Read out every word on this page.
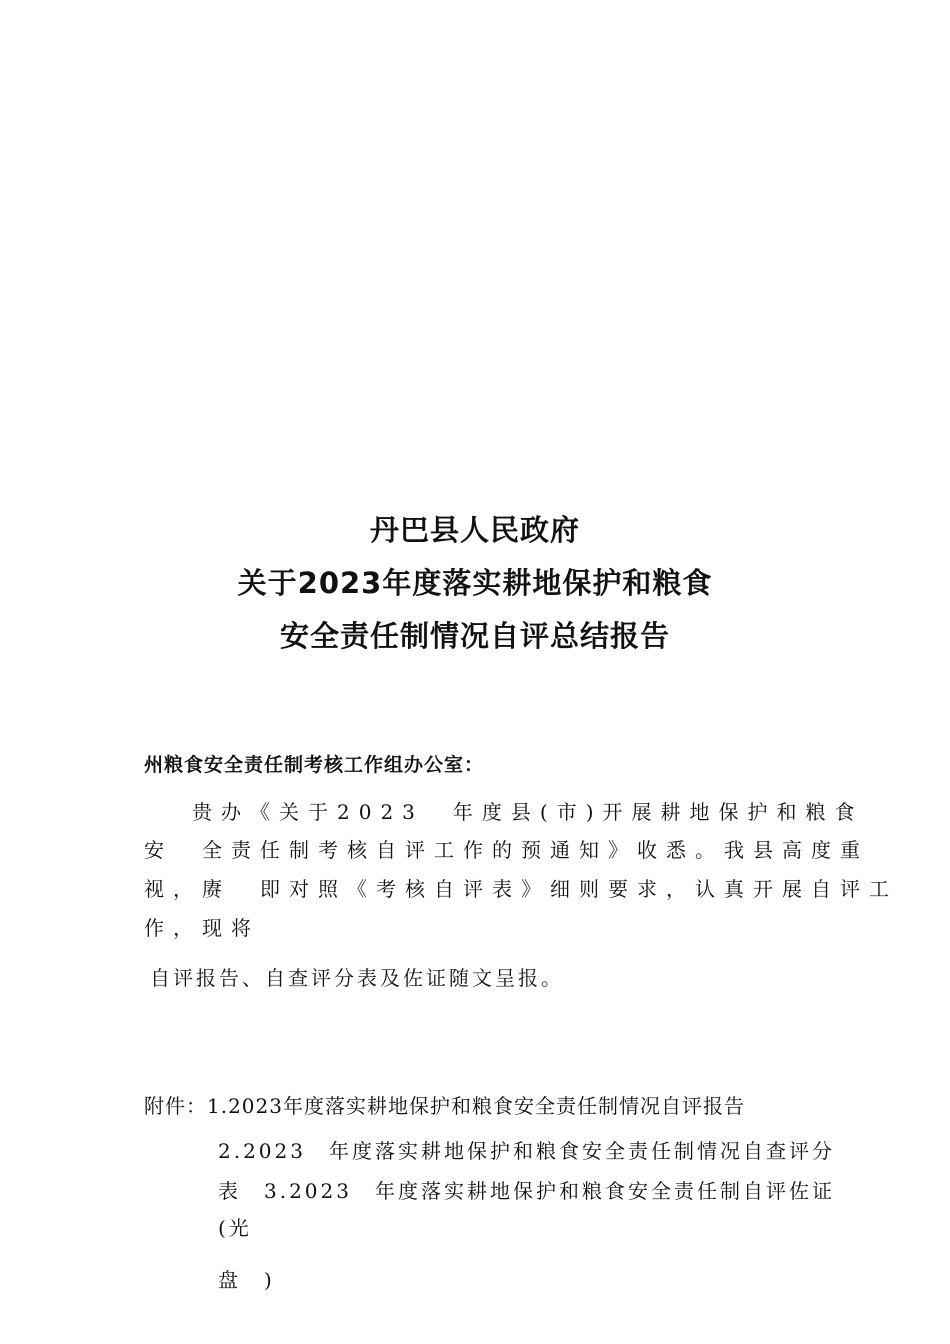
丹巴县人民政府
关于2023年度落实耕地保护和粮食
安全责任制情况自评总结报告

州粮食安全责任制考核工作组办公室：

贵办《关于2023　年度县(市)开展耕地保护和粮食

安　全责任制考核自评工作的预通知》收悉。我县高度重

视，赓　即对照《考核自评表》细则要求，认真开展自评工

作，现将

自评报告、自查评分表及佐证随文呈报。

附件：1.2023年度落实耕地保护和粮食安全责任制情况自评报告

2.2023　年度落实耕地保护和粮食安全责任制情况自查评分

表　3.2023　年度落实耕地保护和粮食安全责任制自评佐证

(光

盘　)
